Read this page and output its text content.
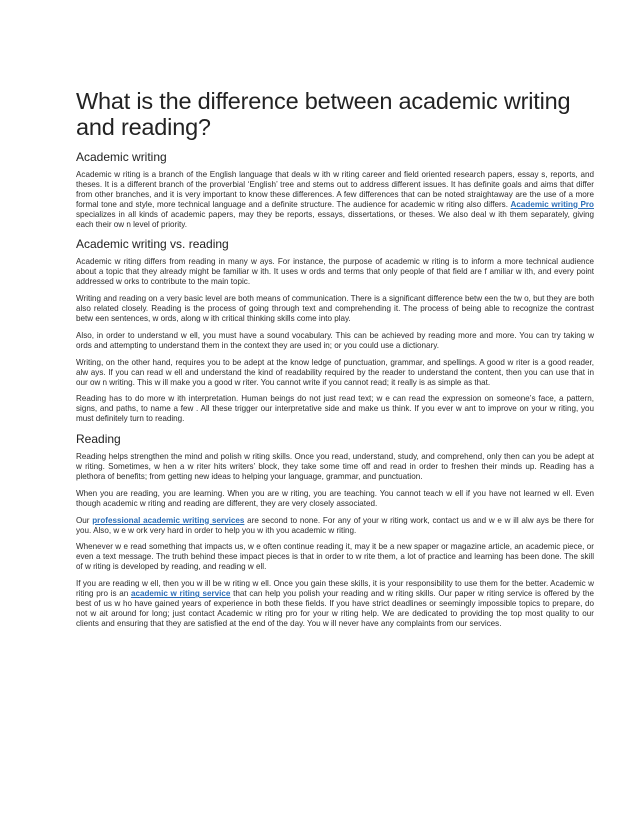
What is the difference between academic writing and reading?
Academic writing

Academic w riting is a branch of the English language that deals w ith w riting career and field oriented research papers, essay s, reports, and theses. It is a different branch of the proverbial ‘English’ tree and stems out to address different issues. It has definite goals and aims that differ from other branches, and it is very important to know these differences. A few differences that can be noted straightaway are the use of a more formal tone and style, more technical language and a definite structure. The audience for academic w riting also differs. Academic writing Pro specializes in all kinds of academic papers, may they be reports, essays, dissertations, or theses. We also deal w ith them separately, giving each their ow n level of priority.

Academic writing vs. reading

Academic w riting differs from reading in many w ays. For instance, the purpose of academic w riting is to inform a more technical audience about a topic that they already might be familiar w ith. It uses w ords and terms that only people of that field are f amiliar w ith, and every point addressed w orks to contribute to the main topic.

Writing and reading on a very basic level are both means of communication. There is a significant difference betw een the tw o, but they are both also related closely. Reading is the process of going through text and comprehending it. The process of being able to recognize the contrast betw een sentences, w ords, along w ith critical thinking skills come into play.

Also, in order to understand w ell, you must have a sound vocabulary. This can be achieved by reading more and more. You can try taking w ords and attempting to understand them in the context they are used in; or you could use a dictionary.

Writing, on the other hand, requires you to be adept at the know ledge of punctuation, grammar, and spellings. A good w riter is a good reader, alw ays. If you can read w ell and understand the kind of readability required by the reader to understand the content, then you can use that in our ow n writing. This w ill make you a good w riter. You cannot write if you cannot read; it really is as simple as that.

Reading has to do more w ith interpretation. Human beings do not just read text; w e can read the expression on someone’s face, a pattern, signs, and paths, to name a few . All these trigger our interpretative side and make us think. If you ever w ant to improve on your w riting, you must definitely turn to reading.

Reading

Reading helps strengthen the mind and polish w riting skills. Once you read, understand, study, and comprehend, only then can you be adept at w riting. Sometimes, w hen a w riter hits writers’ block, they take some time off and read in order to freshen their minds up. Reading has a plethora of benefits; from getting new ideas to helping your language, grammar, and punctuation.

When you are reading, you are learning. When you are w riting, you are teaching. You cannot teach w ell if you have not learned w ell. Even though academic w riting and reading are different, they are very closely associated.

Our professional academic writing services are second to none. For any of your w riting work, contact us and w e w ill alw ays be there for you. Also, w e w ork very hard in order to help you w ith you academic w riting.

Whenever w e read something that impacts us, w e often continue reading it, may it be a new spaper or magazine article, an academic piece, or even a text message. The truth behind these impact pieces is that in order to w rite them, a lot of practice and learning has been done. The skill of w riting is developed by reading, and reading w ell.

If you are reading w ell, then you w ill be w riting w ell. Once you gain these skills, it is your responsibility to use them for the better. Academic w riting pro is an academic w riting service that can help you polish your reading and w riting skills. Our paper w riting service is offered by the best of us w ho have gained years of experience in both these fields. If you have strict deadlines or seemingly impossible topics to prepare, do not w ait around for long; just contact Academic w riting pro for your w riting help. We are dedicated to providing the top most quality to our clients and ensuring that they are satisfied at the end of the day. You w ill never have any complaints from our services.
